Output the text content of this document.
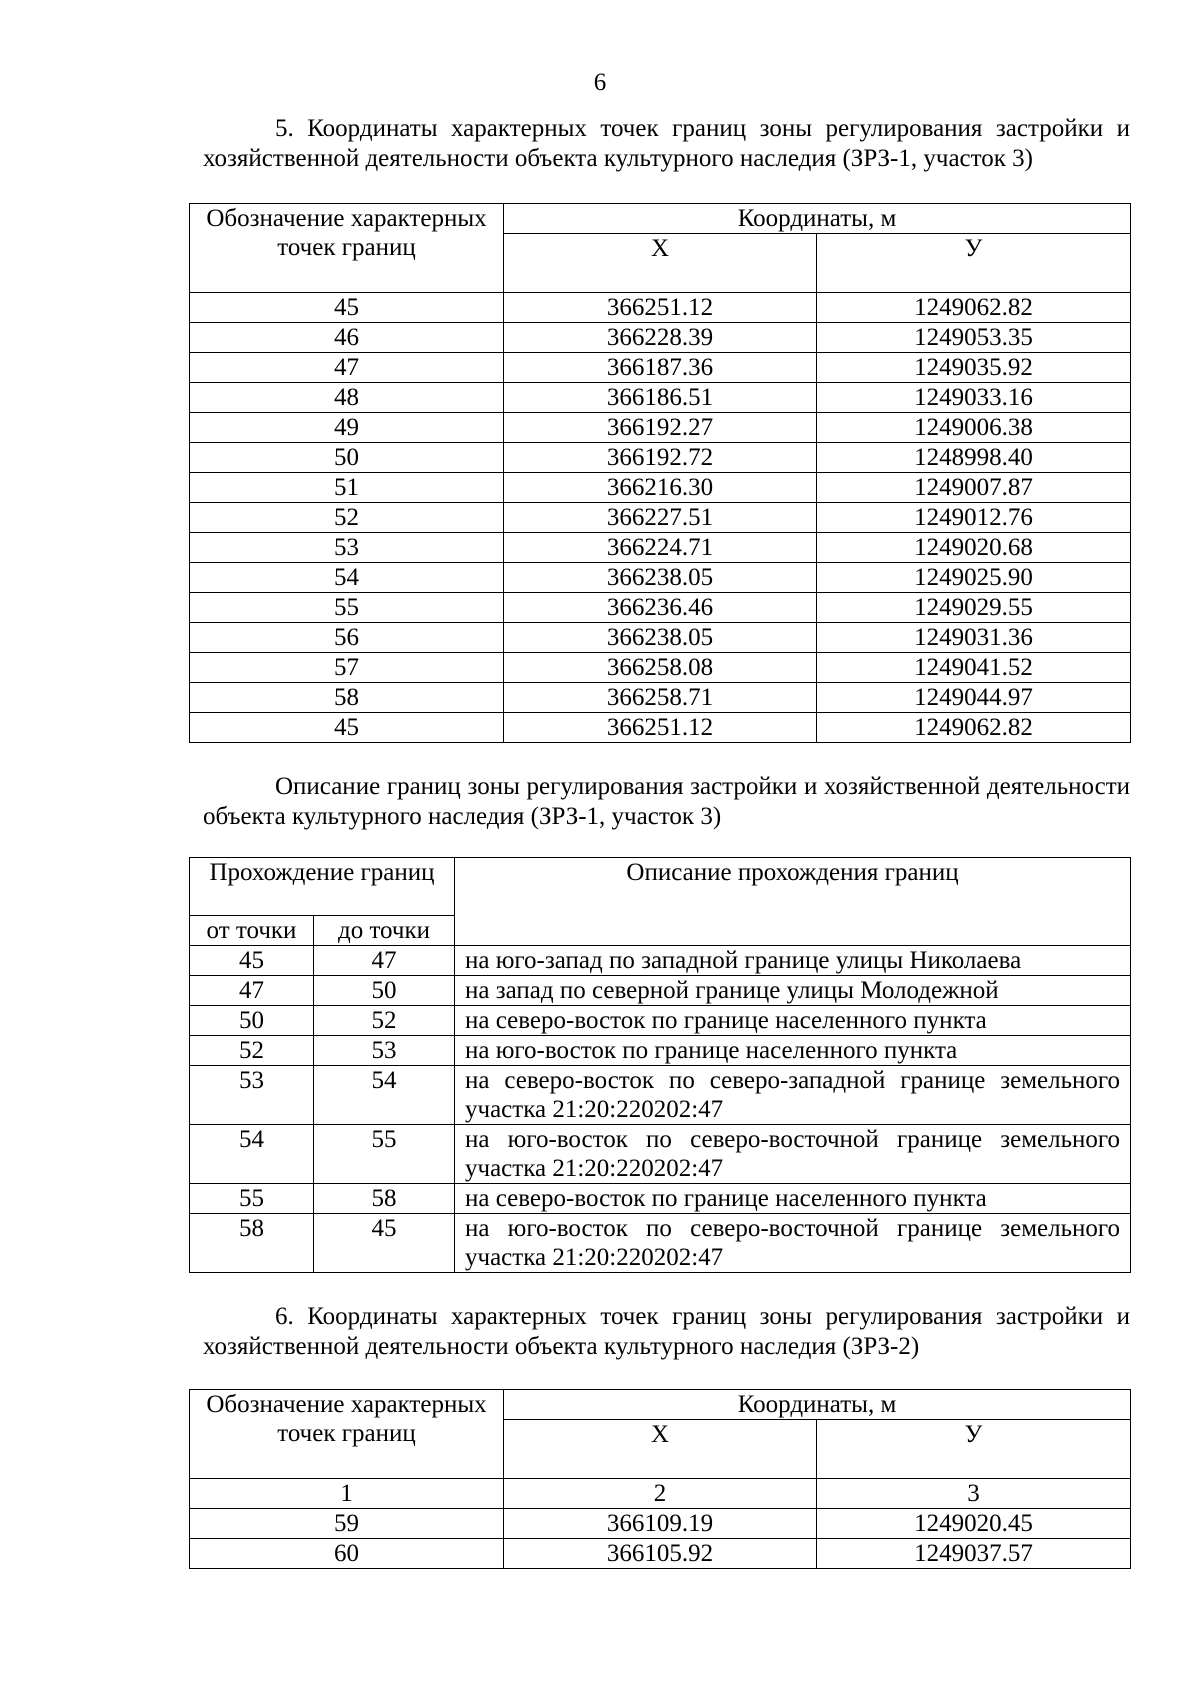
6
5. Координаты характерных точек границ зоны регулирования застройки и хозяйственной деятельности объекта культурного наследия (ЗРЗ-1, участок 3)
Обозначение характерных точек границ	Координаты, м	
	Х	У
45	366251.12	1249062.82
46	366228.39	1249053.35
47	366187.36	1249035.92
48	366186.51	1249033.16
49	366192.27	1249006.38
50	366192.72	1248998.40
51	366216.30	1249007.87
52	366227.51	1249012.76
53	366224.71	1249020.68
54	366238.05	1249025.90
55	366236.46	1249029.55
56	366238.05	1249031.36
57	366258.08	1249041.52
58	366258.71	1249044.97
45	366251.12	1249062.82
Описание границ зоны регулирования застройки и хозяйственной деятельности объекта культурного наследия (ЗРЗ-1, участок 3)
Прохождение границ		Описание прохождения границ
от точки	до точки	
45	47	на юго-запад по западной границе улицы Николаева
47	50	на запад по северной границе улицы Молодежной
50	52	на северо-восток по границе населенного пункта
52	53	на юго-восток по границе населенного пункта
53	54	на северо-восток по северо-западной границе земельного участка 21:20:220202:47
54	55	на юго-восток по северо-восточной границе земельного участка 21:20:220202:47
55	58	на северо-восток по границе населенного пункта
58	45	на юго-восток по северо-восточной границе земельного участка 21:20:220202:47
6. Координаты характерных точек границ зоны регулирования застройки и хозяйственной деятельности объекта культурного наследия (ЗРЗ-2)
Обозначение характерных точек границ	Координаты, м	
	Х	У
1	2	3
59	366109.19	1249020.45
60	366105.92	1249037.57
